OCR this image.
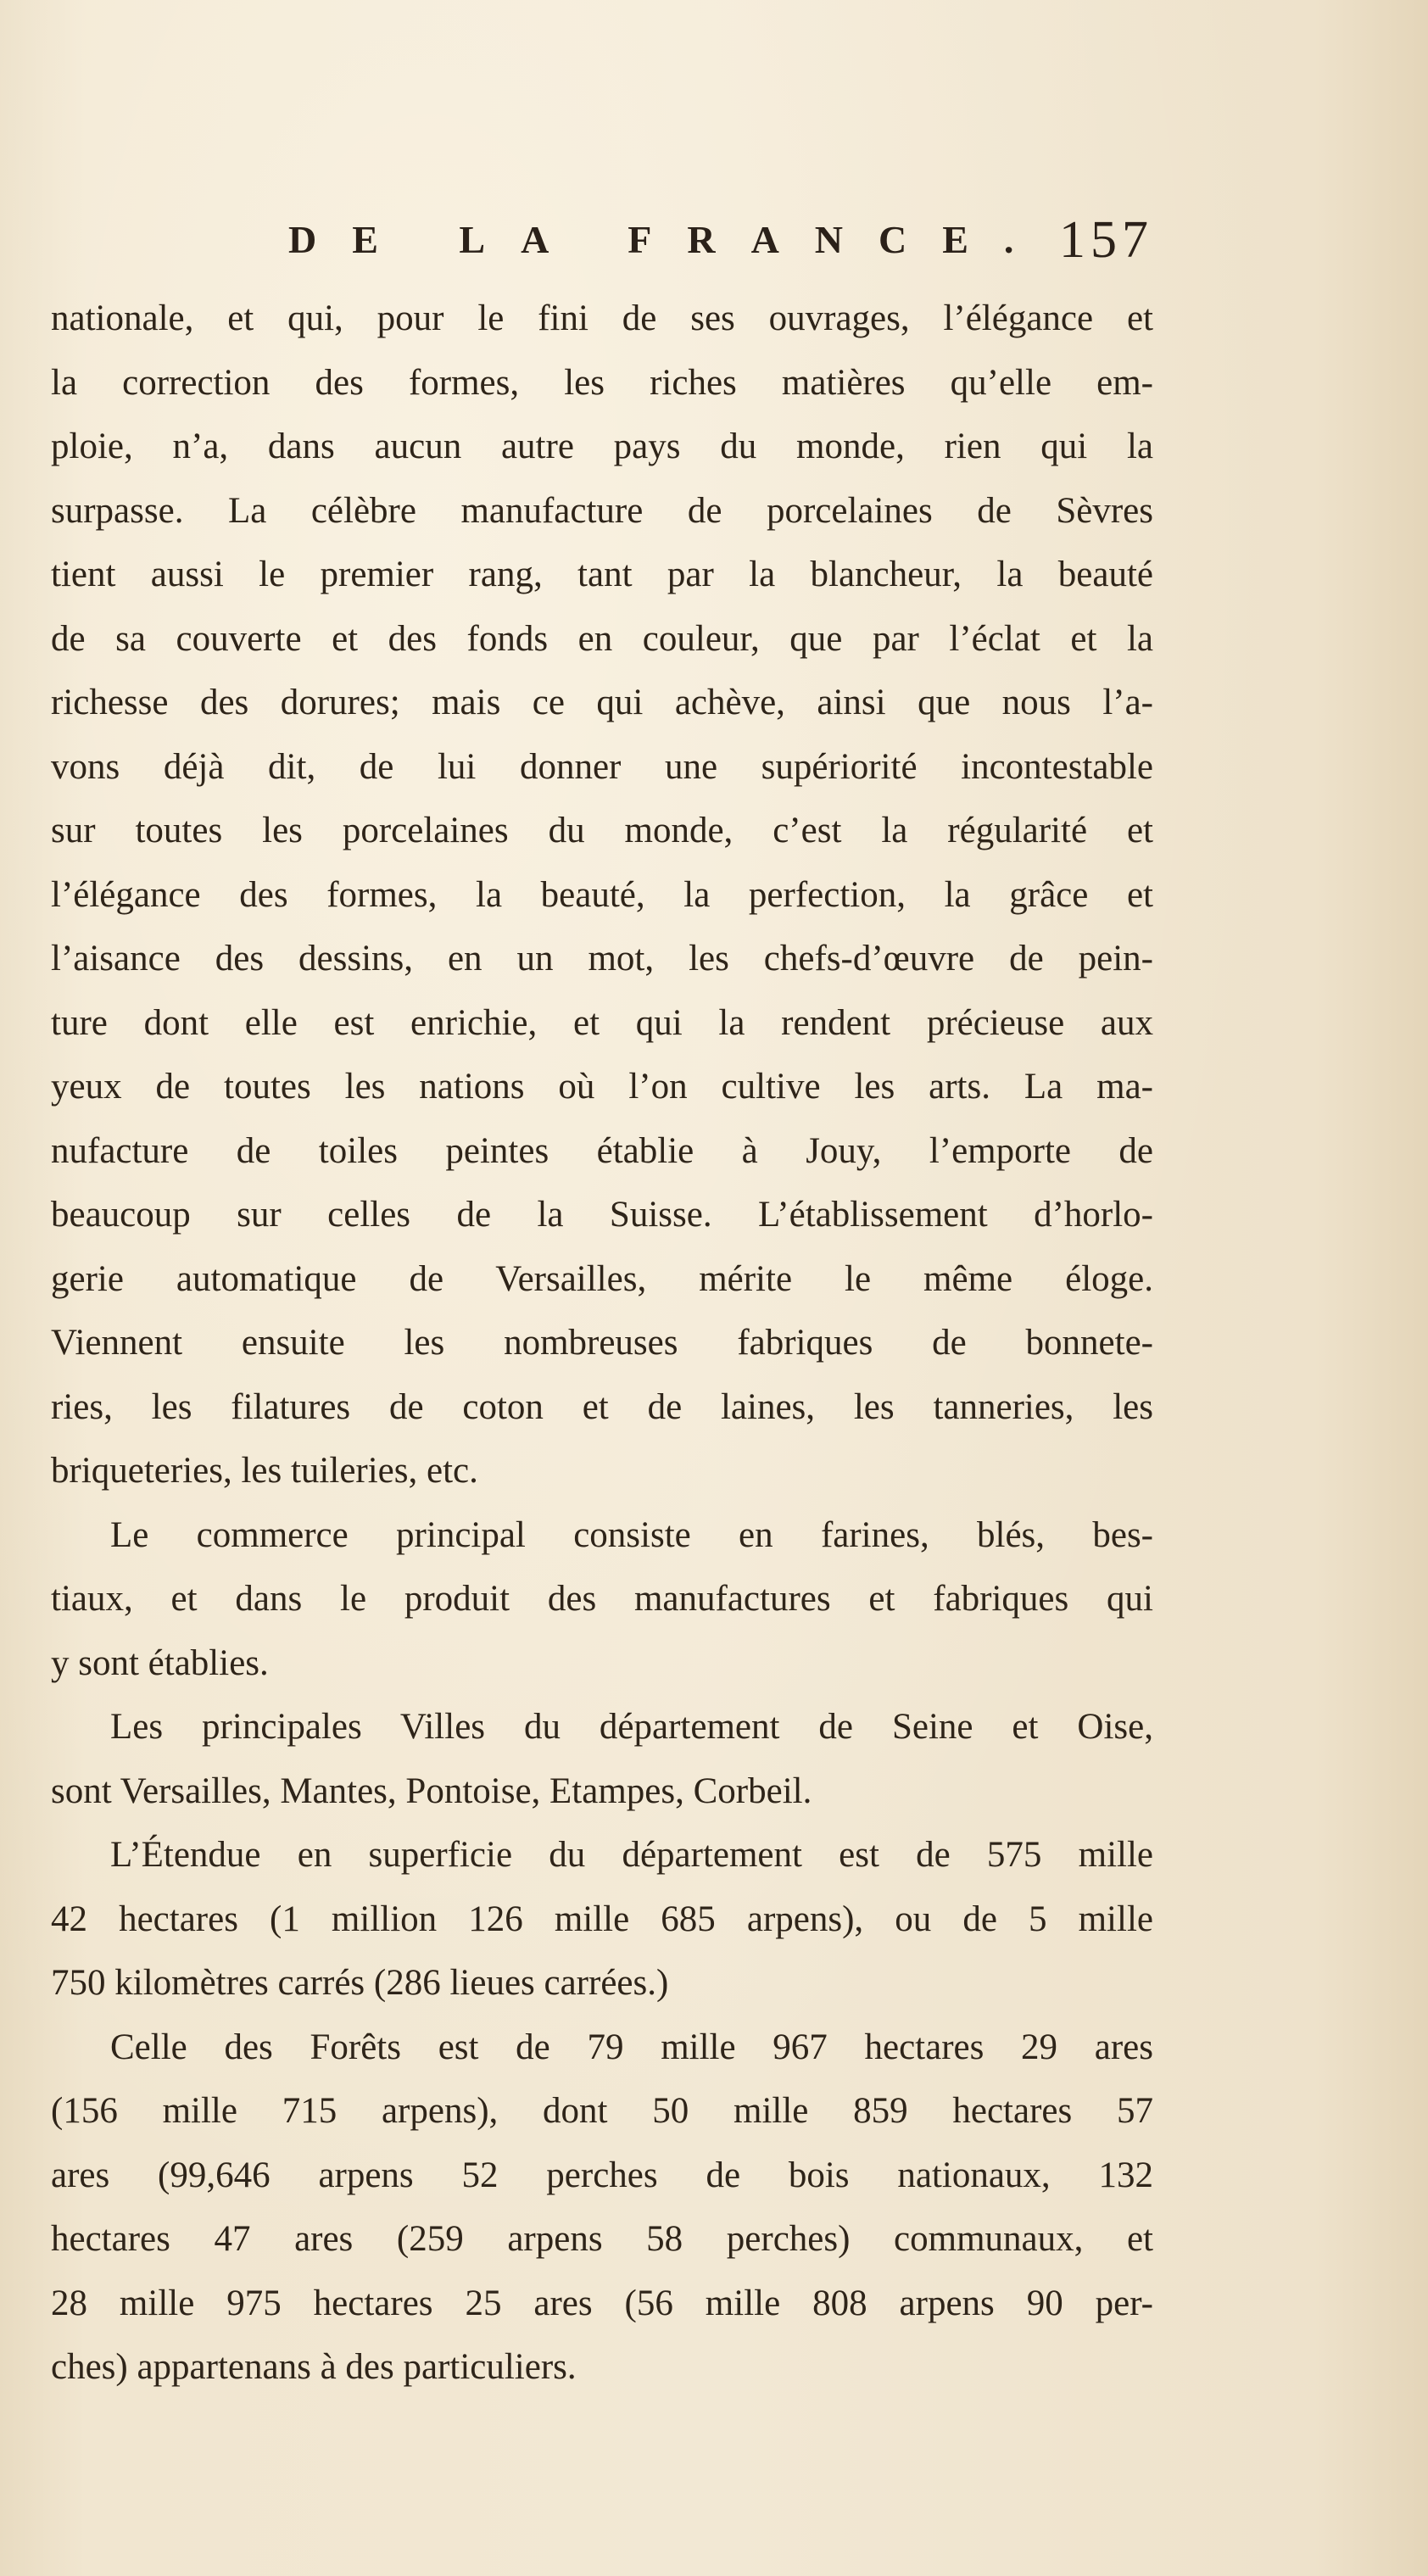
DE LA FRANCE. 157
nationale, et qui, pour le fini de ses ouvrages, l’élégance et
la correction des formes, les riches matières qu’elle em-
ploie, n’a, dans aucun autre pays du monde, rien qui la
surpasse. La célèbre manufacture de porcelaines de Sèvres
tient aussi le premier rang, tant par la blancheur, la beauté
de sa couverte et des fonds en couleur, que par l’éclat et la
richesse des dorures; mais ce qui achève, ainsi que nous l’a-
vons déjà dit, de lui donner une supériorité incontestable
sur toutes les porcelaines du monde, c’est la régularité et
l’élégance des formes, la beauté, la perfection, la grâce et
l’aisance des dessins, en un mot, les chefs-d’œuvre de pein-
ture dont elle est enrichie, et qui la rendent précieuse aux
yeux de toutes les nations où l’on cultive les arts. La ma-
nufacture de toiles peintes établie à Jouy, l’emporte de
beaucoup sur celles de la Suisse. L’établissement d’horlo-
gerie automatique de Versailles, mérite le même éloge.
Viennent ensuite les nombreuses fabriques de bonnete-
ries, les filatures de coton et de laines, les tanneries, les
briqueteries, les tuileries, etc.
Le commerce principal consiste en farines, blés, bes-
tiaux, et dans le produit des manufactures et fabriques qui
y sont établies.
Les principales Villes du département de Seine et Oise,
sont Versailles, Mantes, Pontoise, Etampes, Corbeil.
L’Étendue en superficie du département est de 575 mille
42 hectares (1 million 126 mille 685 arpens), ou de 5 mille
750 kilomètres carrés (286 lieues carrées.)
Celle des Forêts est de 79 mille 967 hectares 29 ares
(156 mille 715 arpens), dont 50 mille 859 hectares 57
ares (99,646 arpens 52 perches de bois nationaux, 132
hectares 47 ares (259 arpens 58 perches) communaux, et
28 mille 975 hectares 25 ares (56 mille 808 arpens 90 per-
ches) appartenans à des particuliers.
